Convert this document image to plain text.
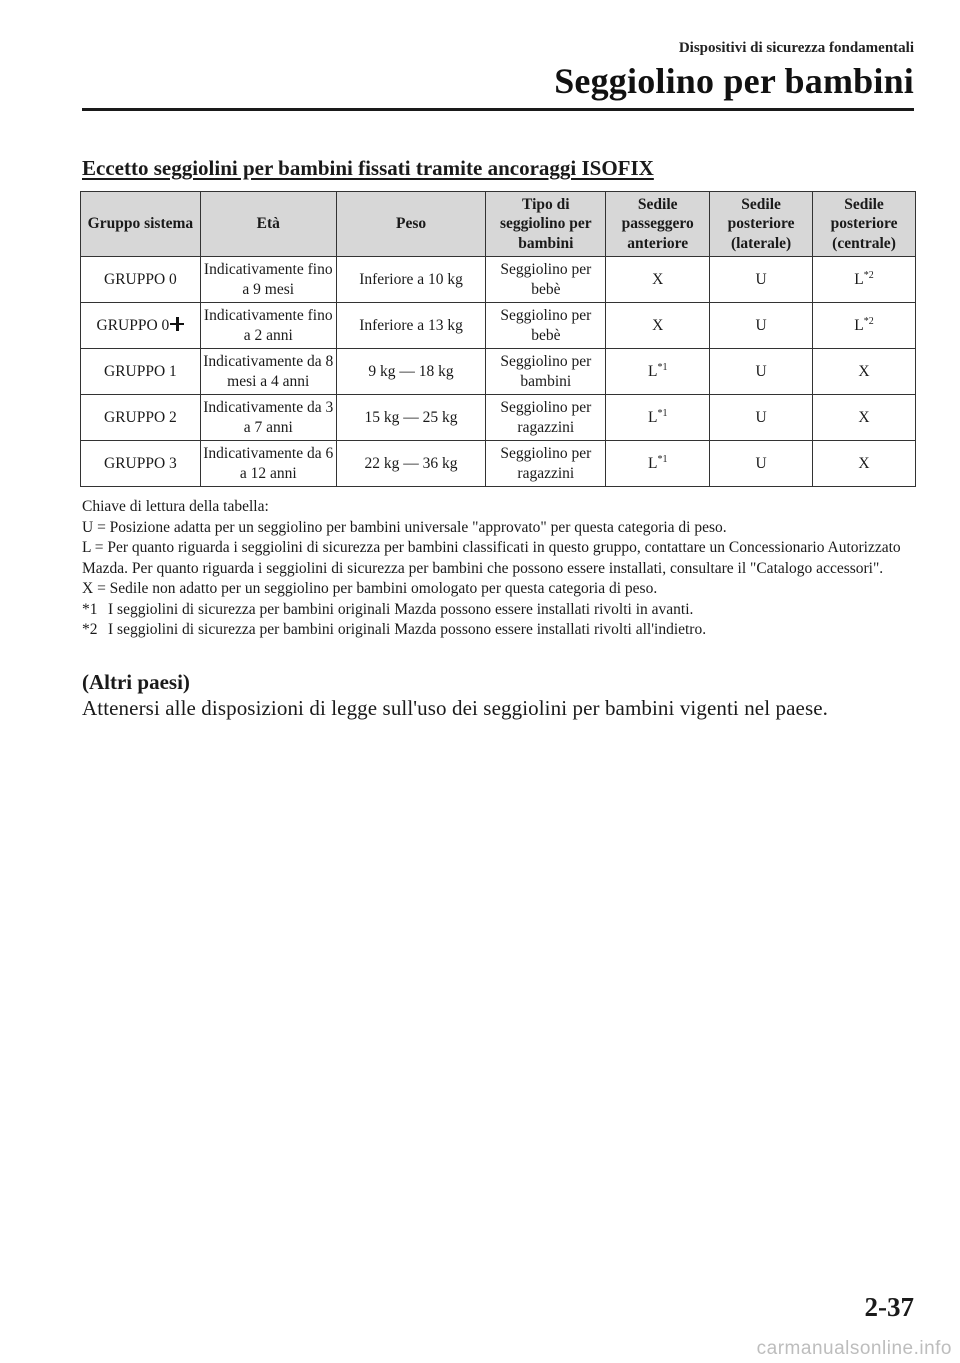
Dispositivi di sicurezza fondamentali
Seggiolino per bambini
Eccetto seggiolini per bambini fissati tramite ancoraggi ISOFIX
Gruppo sistema	Età	Peso	Tipo di seggiolino per bambini	Sedile passeggero anteriore	Sedile posteriore (laterale)	Sedile posteriore (centrale)
GRUPPO 0	Indicativamente fino a 9 mesi	Inferiore a 10 kg	Seggiolino per bebè	X	U	$L^{*2}$
GRUPPO 0	Indicativamente fino a 2 anni	Inferiore a 13 kg	Seggiolino per bebè	X	U	$L^{*2}$
GRUPPO 1	Indicativamente da 8 mesi a 4 anni	9 kg — 18 kg	Seggiolino per bambini	$L^{*1}$	U	X
GRUPPO 2	Indicativamente da 3 a 7 anni	15 kg — 25 kg	Seggiolino per ragazzini	$L^{*1}$	U	X
GRUPPO 3	Indicativamente da 6 a 12 anni	22 kg — 36 kg	Seggiolino per ragazzini	$L^{*1}$	U	X

Chiave di lettura della tabella:

U = Posizione adatta per un seggiolino per bambini universale "approvato" per questa categoria di peso.

L = Per quanto riguarda i seggiolini di sicurezza per bambini classificati in questo gruppo, contattare un Concessionario Autorizzato Mazda. Per quanto riguarda i seggiolini di sicurezza per bambini che possono essere installati, consultare il "Catalogo accessori".

X = Sedile non adatto per un seggiolino per bambini omologato per questa categoria di peso.

*1 I seggiolini di sicurezza per bambini originali Mazda possono essere installati rivolti in avanti.
*2 I seggiolini di sicurezza per bambini originali Mazda possono essere installati rivolti all'indietro.
(Altri paesi)
Attenersi alle disposizioni di legge sull'uso dei seggiolini per bambini vigenti nel paese.
2-37
carmanualsonline.info
